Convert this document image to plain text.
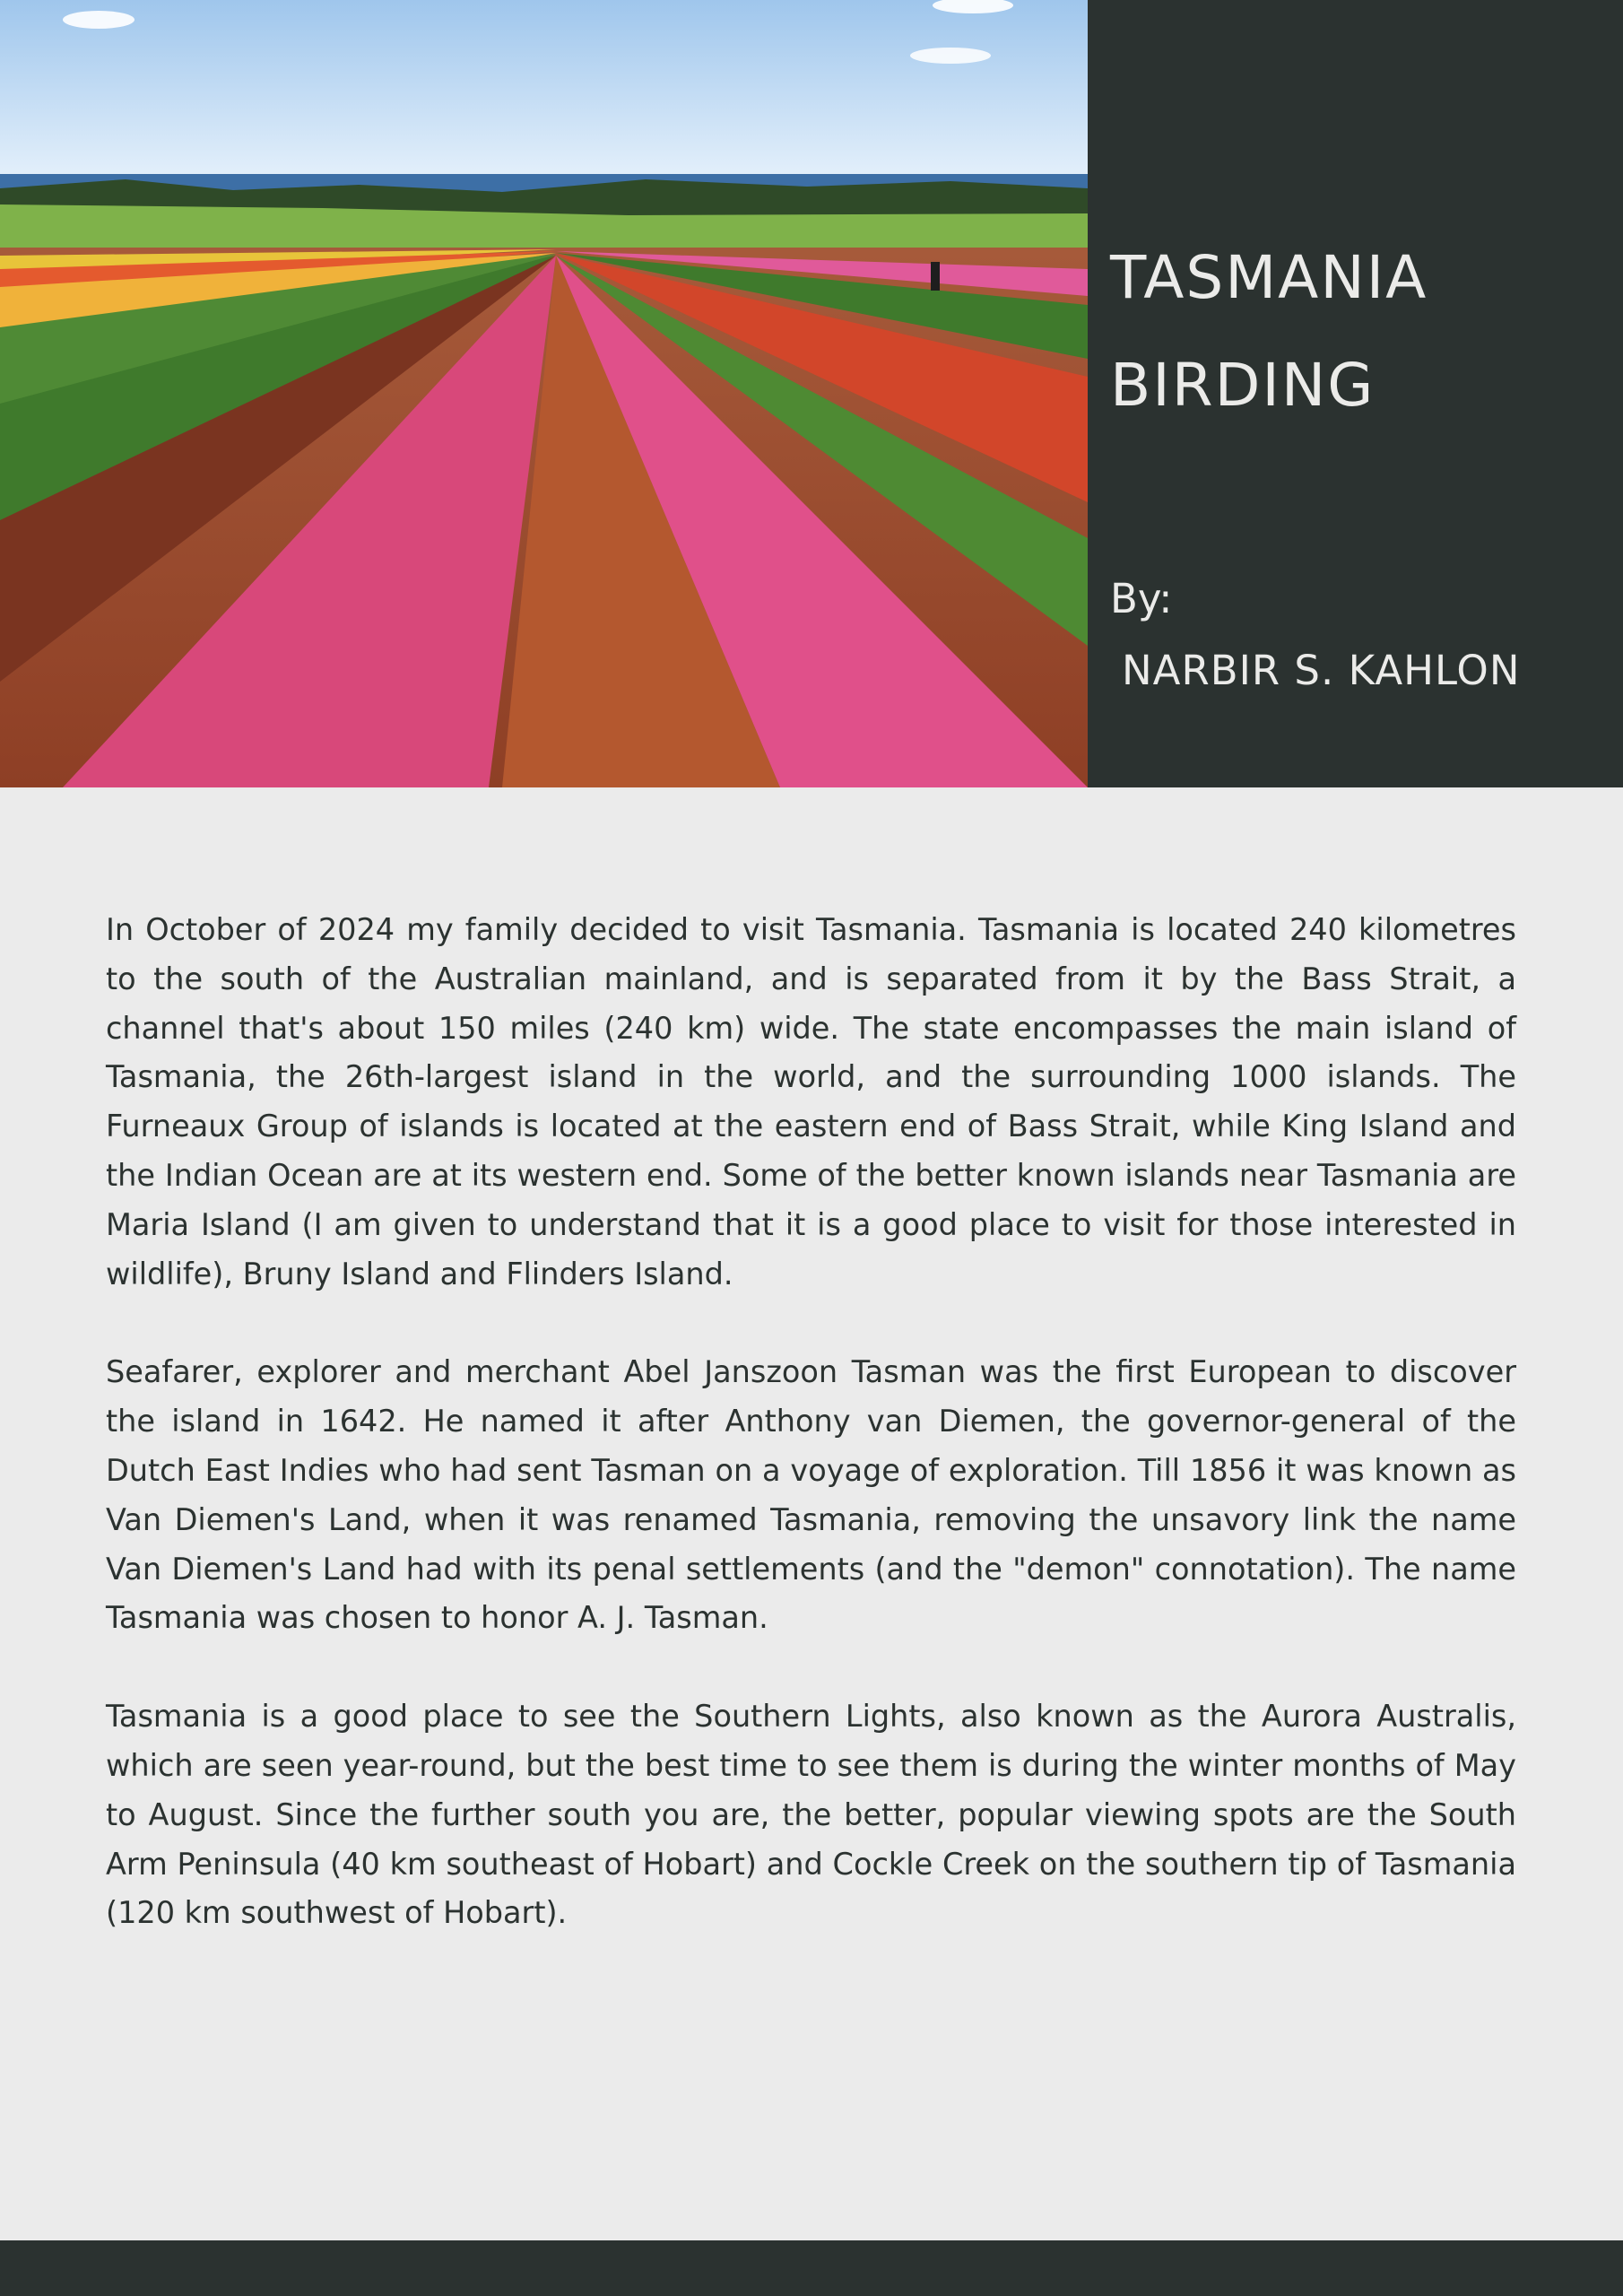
TASMANIA
BIRDING
By:
NARBIR S. KAHLON

In October of 2024 my family decided to visit Tasmania. Tasmania is located 240 kilometres to the south of the Australian mainland, and is separated from it by the Bass Strait, a channel that's about 150 miles (240 km) wide. The state encompasses the main island of Tasmania, the 26th-largest island in the world, and the surrounding 1000 islands. The Furneaux Group of islands is located at the eastern end of Bass Strait, while King Island and the Indian Ocean are at its western end. Some of the better known islands near Tasmania are Maria Island (I am given to understand that it is a good place to visit for those interested in wildlife), Bruny Island and Flinders Island.

Seafarer, explorer and merchant Abel Janszoon Tasman was the first European to discover the island in 1642. He named it after Anthony van Diemen, the governor-general of the Dutch East Indies who had sent Tasman on a voyage of exploration. Till 1856 it was known as Van Diemen's Land, when it was renamed Tasmania, removing the unsavory link the name Van Diemen's Land had with its penal settlements (and the "demon" connotation). The name Tasmania was chosen to honor A. J. Tasman.

Tasmania is a good place to see the Southern Lights, also known as the Aurora Australis, which are seen year-round, but the best time to see them is during the winter months of May to August. Since the further south you are, the better, popular viewing spots are the South Arm Peninsula (40 km southeast of Hobart) and Cockle Creek on the southern tip of Tasmania (120 km southwest of Hobart).
